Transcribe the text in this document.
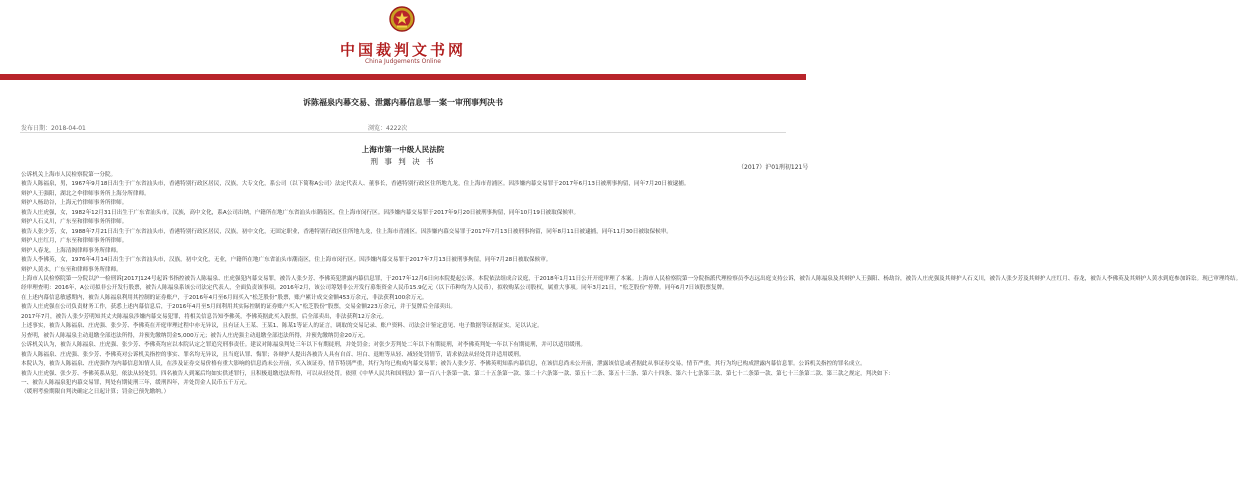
中国裁判文书网
China Judgements Online
诉陈福泉内幕交易、泄露内幕信息罪一案一审刑事判决书
发布日期：2018-04-01	浏览：4222次
上海市第一中级人民法院
刑 事 判 决 书
（2017）沪01刑初121号

公诉机关上海市人民检察院第一分院。

被告人陈福泉，男，1967年9月18日出生于广东省汕头市，香港特别行政区居民，汉族，大专文化，系公司（以下简称A公司）法定代表人、董事长，香港特别行政区住所地九龙，住上海市青浦区。因涉嫌内幕交易罪于2017年6月13日被刑事拘留，同年7月20日被逮捕。

辩护人王强阳，湖北之伞律师事务所上海分所律师。

辩护人杨劫谷，上海元竹律师事务所律师。

被告人庄虎强，女，1982年12月31日出生于广东省汕头市，汉族，高中文化，系A公司出纳，户籍所在地广东省汕头市潮南区，住上海市闵行区。因涉嫌内幕交易罪于2017年9月20日被刑事拘留，同年10月19日被取保候审。

辩护人石义川，广东至和律师事务所律师。

被告人张少芳，女，1988年7月21日出生于广东省汕头市，香港特别行政区居民，汉族，初中文化，无固定职业，香港特别行政区住所地九龙，住上海市青浦区。因涉嫌内幕交易罪于2017年7月13日被刑事拘留，同年8月11日被逮捕，同年11月30日被取保候审。

辩护人庄红月，广东至和律师事务所律师。

辩护人春龙，上海清阁律师事务所律师。

被告人李佛英，女，1976年4月14日出生于广东省汕头市，汉族，初中文化，无业，户籍所在地广东省汕头市潮南区，住上海市闵行区。因涉嫌内幕交易罪于2017年7月13日被刑事拘留，同年7月28日被取保候审。

辩护人黄水，广东至和律师事务所律师。

上海市人民检察院第一分院以沪一检刑诉[2017]124号起诉书指控被告人陈福泉、庄虎强犯内幕交易罪，被告人张少芳、李佛英犯泄露内幕信息罪，于2017年12月6日向本院提起公诉。本院依法组成合议庭，于2018年1月11日公开开庭审理了本案。上海市人民检察院第一分院指派代理检察员李志远出庭支持公诉，被告人陈福泉及其辩护人王强阳、杨劫谷，被告人庄虎强及其辩护人石义川，被告人张少芳及其辩护人庄红月、春龙，被告人李佛英及其辩护人黄水到庭参加诉讼。现已审理终结。

经审理查明：2016年，A公司拟非公开发行股票，被告人陈福泉系该公司法定代表人，全面负责该事项。2016年2月，该公司筹划非公开发行募集资金人民币15.9亿元（以下币种均为人民币），拟收购某公司股权，属重大事项。同年3月21日，“松芝股份”停牌。同年6月7日该股票复牌。

在上述内幕信息敏感期内，被告人陈福泉利用其控制的证券账户，于2016年4月至6月间买入“松芝股份”股票，账户累计成交金额453万余元，非法获利100余万元。

被告人庄虎强在公司负责财务工作，获悉上述内幕信息后，于2016年4月至5月间利用其实际控制的证券账户买入“松芝股份”股票，交易金额223万余元，并于复牌后全部卖出。

2017年7月，被告人张少芳明知其丈夫陈福泉涉嫌内幕交易犯罪，将相关信息告知李佛英，李佛英据此买入股票，后全部卖出，非法获利12万余元。

上述事实，被告人陈福泉、庄虎强、张少芳、李佛英在开庭审理过程中亦无异议，且有证人王某、王某1、陈某1等证人的证言，调取的交易记录、账户资料、司法会计鉴定意见、电子数据等证据证实，足以认定。

另查明，被告人陈福泉主动退缴全部违法所得，并预先缴纳罚金5,000万元；被告人庄虎强主动退缴全部违法所得，并预先缴纳罚金20万元。

公诉机关认为，被告人陈福泉、庄虎强、张少芳、李佛英均应以本院认定之罪追究刑事责任。建议对陈福泉判处三年以下有期徒刑，并处罚金；对张少芳判处二年以下有期徒刑，对李佛英判处一年以下有期徒刑，并可以适用缓刑。

被告人陈福泉、庄虎强、张少芳、李佛英对公诉机关指控的事实、罪名均无异议，且当庭认罪、悔罪；各辩护人提出各被告人具有自首、坦白、退赃等从轻、减轻处罚情节，请求依法从轻处罚并适用缓刑。

本院认为，被告人陈福泉、庄虎强作为内幕信息知情人员，在涉及证券交易价格有重大影响的信息尚未公开前，买入该证券，情节特别严重，其行为均已构成内幕交易罪；被告人张少芳、李佛英明知系内幕信息，在该信息尚未公开前，泄露该信息或者据此从事证券交易，情节严重，其行为均已构成泄露内幕信息罪。公诉机关指控的罪名成立。

被告人庄虎强、张少芳、李佛英系从犯，依法从轻处罚。四名被告人到案后均如实供述罪行，且积极退缴违法所得，可以从轻处罚。依照《中华人民共和国刑法》第一百八十条第一款、第二十五条第一款、第二十六条第一款、第五十二条、第五十三条、第六十四条、第六十七条第三款、第七十二条第一款、第七十三条第二款、第三款之规定，判决如下：

一、被告人陈福泉犯内幕交易罪，判处有期徒刑三年，缓刑四年，并处罚金人民币五千万元。

（缓刑考验期限自判决确定之日起计算；罚金已预先缴纳。）
